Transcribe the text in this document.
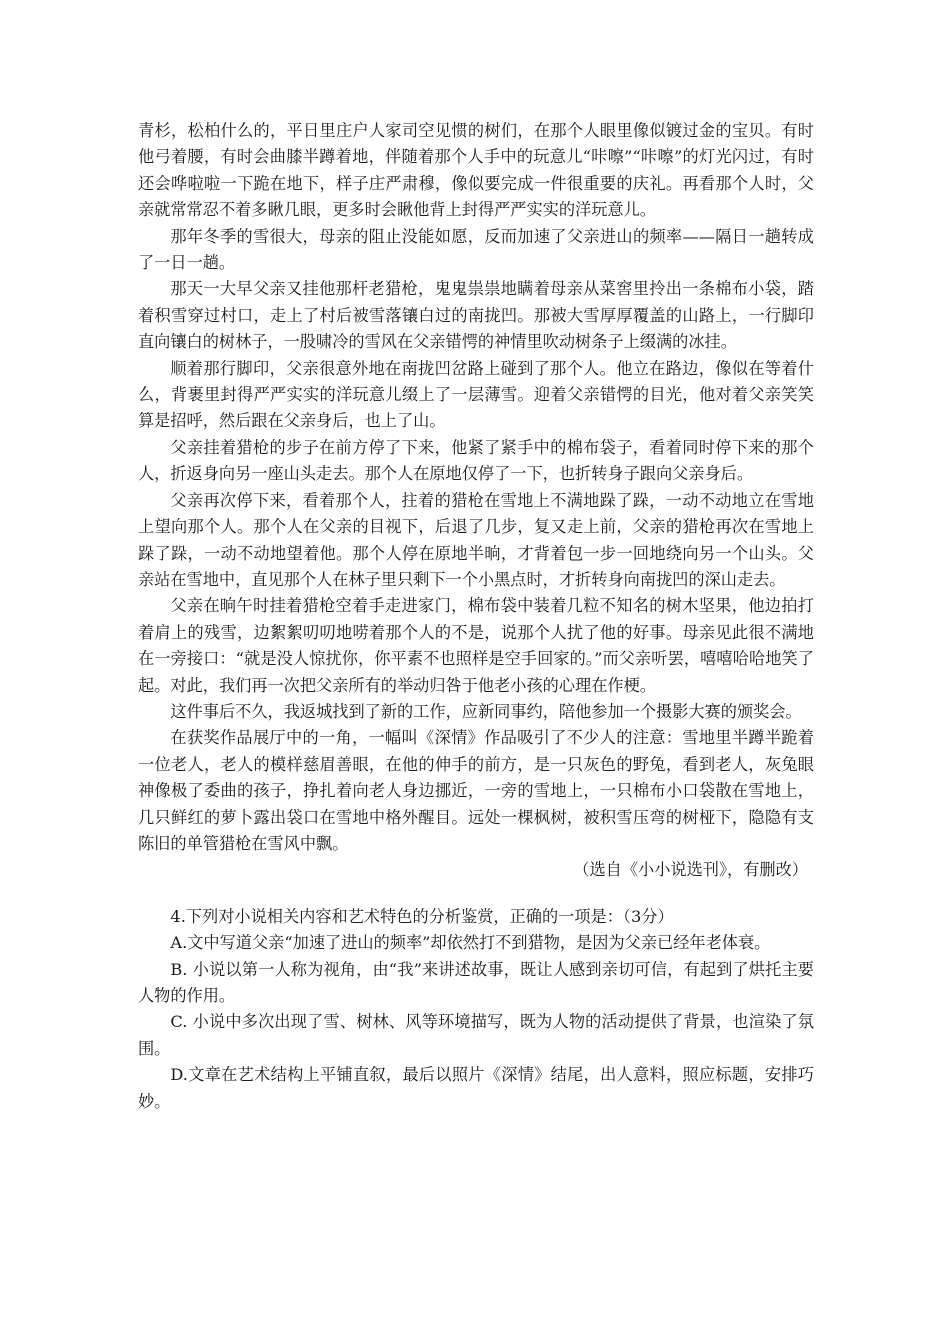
青杉，松柏什么的，平日里庄户人家司空见惯的树们，在那个人眼里像似镀过金的宝贝。有时他弓着腰，有时会曲膝半蹲着地，伴随着那个人手中的玩意儿“咔嚓”“咔嚓”的灯光闪过，有时还会哗啦啦一下跪在地下，样子庄严肃穆，像似要完成一件很重要的庆礼。再看那个人时，父亲就常常忍不着多瞅几眼，更多时会瞅他背上封得严严实实的洋玩意儿。

那年冬季的雪很大，母亲的阻止没能如愿，反而加速了父亲进山的频率——隔日一趟转成了一日一趟。

那天一大早父亲又挂他那杆老猎枪，鬼鬼祟祟地瞒着母亲从菜窖里拎出一条棉布小袋，踏着积雪穿过村口，走上了村后被雪落镶白过的南拢凹。那被大雪厚厚覆盖的山路上，一行脚印直向镶白的树林子，一股啸冷的雪风在父亲错愕的神情里吹动树条子上缀满的冰挂。

顺着那行脚印，父亲很意外地在南拢凹岔路上碰到了那个人。他立在路边，像似在等着什么，背裹里封得严严实实的洋玩意儿缀上了一层薄雪。迎着父亲错愕的目光，他对着父亲笑笑算是招呼，然后跟在父亲身后，也上了山。

父亲挂着猎枪的步子在前方停了下来，他紧了紧手中的棉布袋子，看着同时停下来的那个人，折返身向另一座山头走去。那个人在原地仅停了一下，也折转身子跟向父亲身后。

父亲再次停下来，看着那个人，拄着的猎枪在雪地上不满地跺了跺，一动不动地立在雪地上望向那个人。那个人在父亲的目视下，后退了几步，复又走上前，父亲的猎枪再次在雪地上跺了跺，一动不动地望着他。那个人停在原地半晌，才背着包一步一回地绕向另一个山头。父亲站在雪地中，直见那个人在林子里只剩下一个小黑点时，才折转身向南拢凹的深山走去。

父亲在晌午时挂着猎枪空着手走进家门，棉布袋中装着几粒不知名的树木坚果，他边拍打着肩上的残雪，边絮絮叨叨地唠着那个人的不是，说那个人扰了他的好事。母亲见此很不满地在一旁接口：“就是没人惊扰你，你平素不也照样是空手回家的。”而父亲听罢，嘻嘻哈哈地笑了起。对此，我们再一次把父亲所有的举动归咎于他老小孩的心理在作梗。

这件事后不久，我返城找到了新的工作，应新同事约，陪他参加一个摄影大赛的颁奖会。

在获奖作品展厅中的一角，一幅叫《深情》作品吸引了不少人的注意：雪地里半蹲半跪着一位老人，老人的模样慈眉善眼，在他的伸手的前方，是一只灰色的野兔，看到老人，灰兔眼神像极了委曲的孩子，挣扎着向老人身边挪近，一旁的雪地上，一只棉布小口袋散在雪地上，几只鲜红的萝卜露出袋口在雪地中格外醒目。远处一棵枫树，被积雪压弯的树桠下，隐隐有支陈旧的单管猎枪在雪风中飘。

（选自《小小说选刊》，有删改）

4.下列对小说相关内容和艺术特色的分析鉴赏，正确的一项是：（3分）

A.文中写道父亲“加速了进山的频率”却依然打不到猎物，是因为父亲已经年老体衰。

B. 小说以第一人称为视角，由“我”来讲述故事，既让人感到亲切可信，有起到了烘托主要人物的作用。

C. 小说中多次出现了雪、树林、风等环境描写，既为人物的活动提供了背景，也渲染了氛围。

D.文章在艺术结构上平铺直叙，最后以照片《深情》结尾，出人意料，照应标题，安排巧妙。
